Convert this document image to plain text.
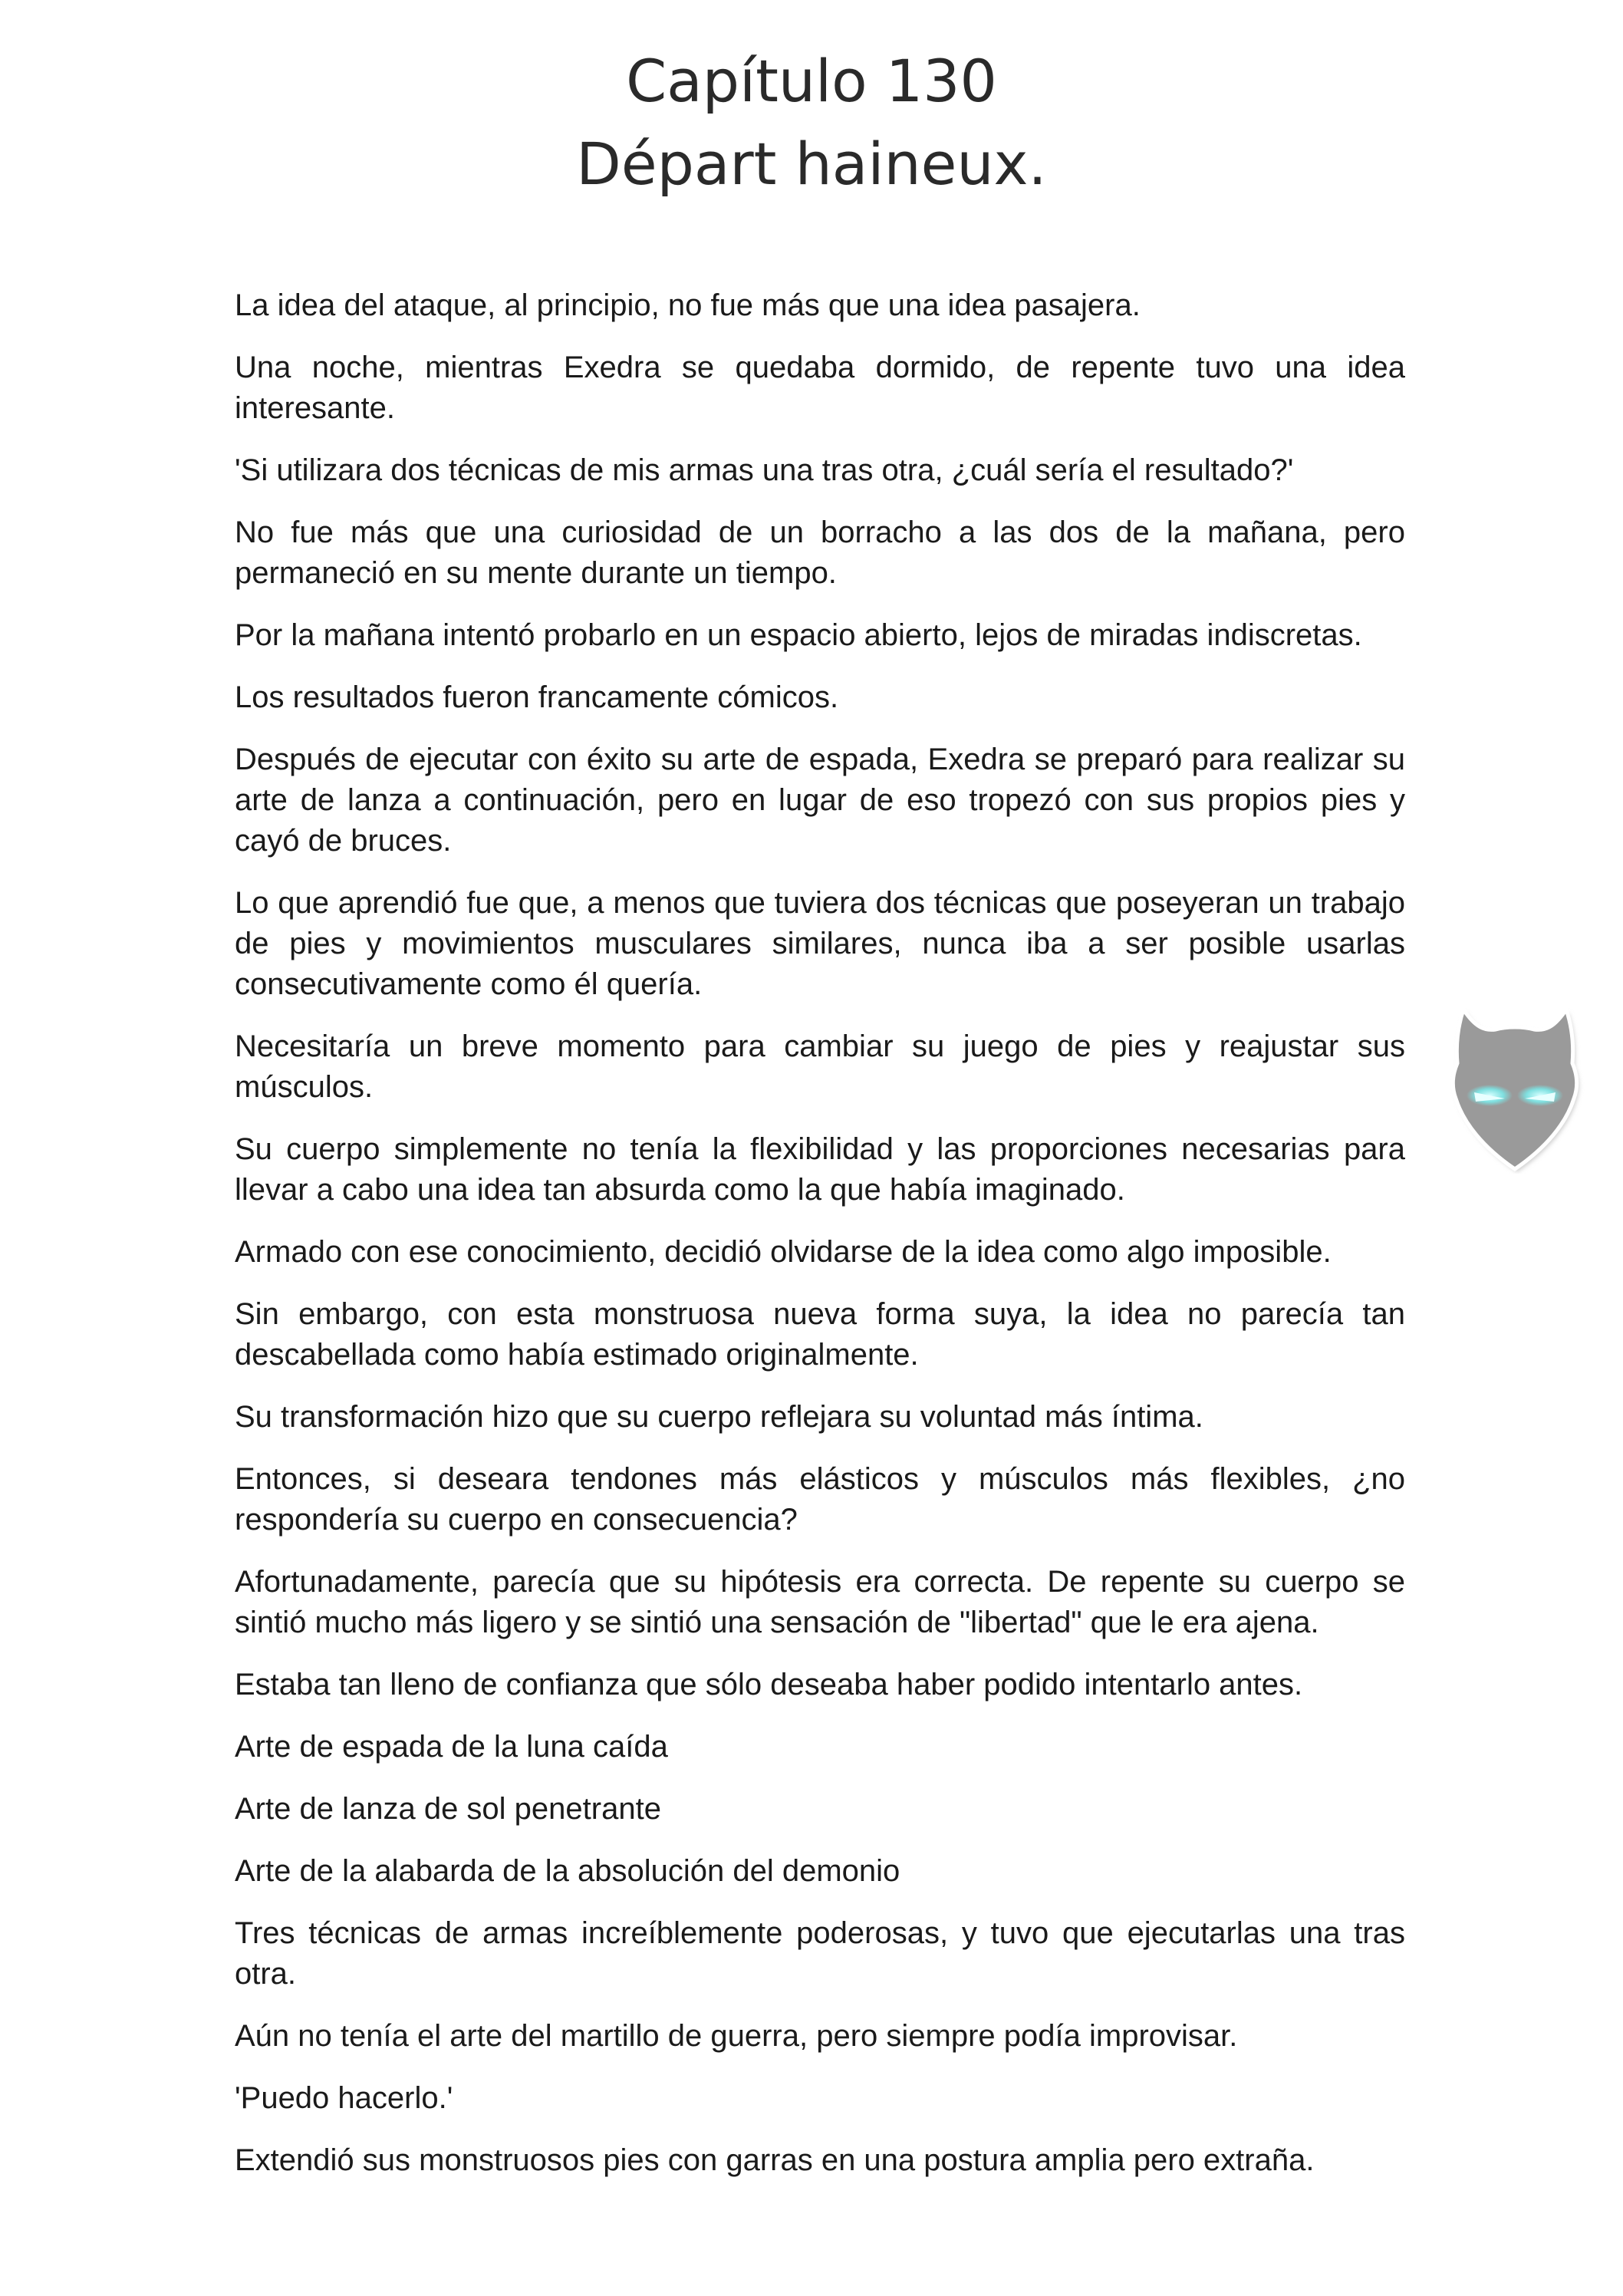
Capítulo 130
Départ haineux.

La idea del ataque, al principio, no fue más que una idea pasajera.

Una noche, mientras Exedra se quedaba dormido, de repente tuvo una idea interesante.

'Si utilizara dos técnicas de mis armas una tras otra, ¿cuál sería el resultado?'

No fue más que una curiosidad de un borracho a las dos de la mañana, pero permaneció en su mente durante un tiempo.

Por la mañana intentó probarlo en un espacio abierto, lejos de miradas indiscretas.

Los resultados fueron francamente cómicos.

Después de ejecutar con éxito su arte de espada, Exedra se preparó para realizar su arte de lanza a continuación, pero en lugar de eso tropezó con sus propios pies y cayó de bruces.

Lo que aprendió fue que, a menos que tuviera dos técnicas que poseyeran un trabajo de pies y movimientos musculares similares, nunca iba a ser posible usarlas consecutivamente como él quería.

Necesitaría un breve momento para cambiar su juego de pies y reajustar sus músculos.

Su cuerpo simplemente no tenía la flexibilidad y las proporciones necesarias para llevar a cabo una idea tan absurda como la que había imaginado.

Armado con ese conocimiento, decidió olvidarse de la idea como algo imposible.

Sin embargo, con esta monstruosa nueva forma suya, la idea no parecía tan descabellada como había estimado originalmente.

Su transformación hizo que su cuerpo reflejara su voluntad más íntima.

Entonces, si deseara tendones más elásticos y músculos más flexibles, ¿no respondería su cuerpo en consecuencia?

Afortunadamente, parecía que su hipótesis era correcta. De repente su cuerpo se sintió mucho más ligero y se sintió una sensación de "libertad" que le era ajena.

Estaba tan lleno de confianza que sólo deseaba haber podido intentarlo antes.

Arte de espada de la luna caída

Arte de lanza de sol penetrante

Arte de la alabarda de la absolución del demonio

Tres técnicas de armas increíblemente poderosas, y tuvo que ejecutarlas una tras otra.

Aún no tenía el arte del martillo de guerra, pero siempre podía improvisar.

'Puedo hacerlo.'

Extendió sus monstruosos pies con garras en una postura amplia pero extraña.
